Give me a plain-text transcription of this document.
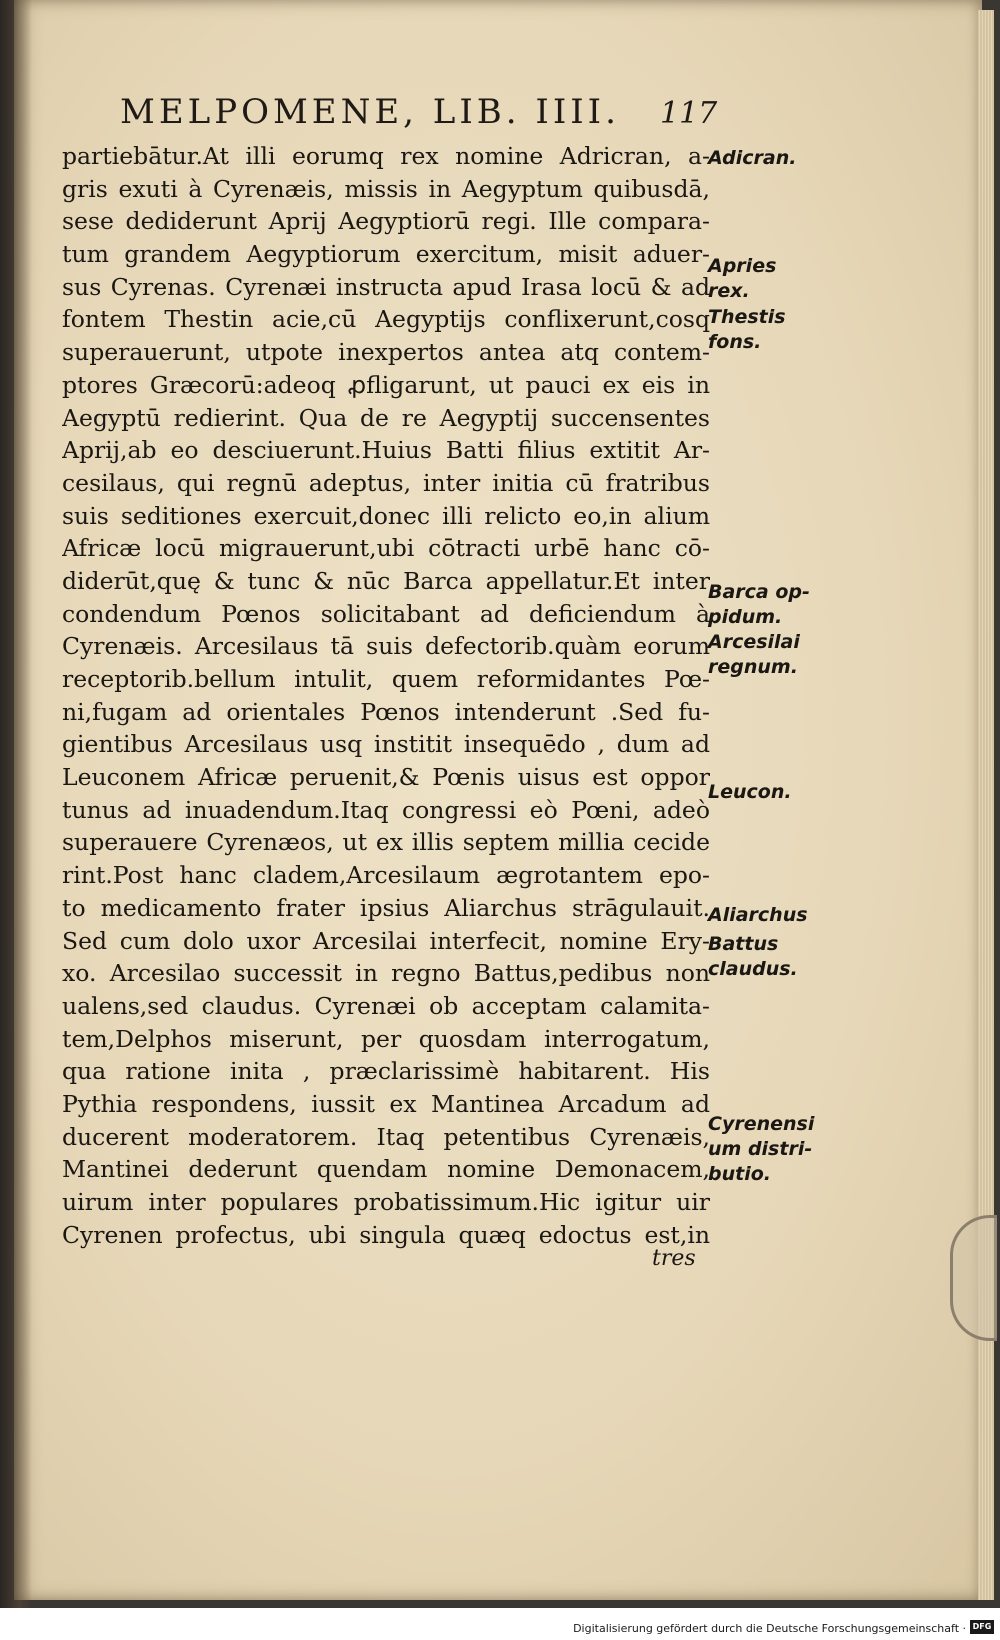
MELPOMENE, LIB. IIII.	117
partiebātur.At illi eorumq rex nomine Adricran, a-
gris exuti à Cyrenæis, missis in Aegyptum quibusdā,
sese dediderunt Aprij Aegyptiorū regi. Ille compara-
tum grandem Aegyptiorum exercitum, misit aduer-
sus Cyrenas. Cyrenæi instructa apud Irasa locū & ad
fontem Thestin acie,cū Aegyptijs conflixerunt,cosq
superauerunt, utpote inexpertos antea atq contem-
ptores Græcorū:adeoq ꝓfligarunt, ut pauci ex eis in
Aegyptū redierint. Qua de re Aegyptij succensentes
Aprij,ab eo desciuerunt.Huius Batti filius extitit Ar-
cesilaus, qui regnū adeptus, inter initia cū fratribus
suis seditiones exercuit,donec illi relicto eo,in alium
Africæ locū migrauerunt,ubi cōtracti urbē hanc cō-
diderūt,quę & tunc & nūc Barca appellatur.Et inter
condendum Pœnos solicitabant ad deficiendum à
Cyrenæis. Arcesilaus tā suis defectorib.quàm eorum
receptorib.bellum intulit, quem reformidantes Pœ-
ni,fugam ad orientales Pœnos intenderunt .Sed fu-
gientibus Arcesilaus usq institit insequēdo , dum ad
Leuconem Africæ peruenit,& Pœnis uisus est oppor
tunus ad inuadendum.Itaq congressi eò Pœni, adeò
superauere Cyrenæos, ut ex illis septem millia cecide
rint.Post hanc cladem,Arcesilaum ægrotantem epo-
to medicamento frater ipsius Aliarchus strāgulauit.
Sed cum dolo uxor Arcesilai interfecit, nomine Ery-
xo. Arcesilao successit in regno Battus,pedibus non
ualens,sed claudus. Cyrenæi ob acceptam calamita-
tem,Delphos miserunt, per quosdam interrogatum,
qua ratione inita , præclarissimè habitarent. His
Pythia respondens, iussit ex Mantinea Arcadum ad
ducerent moderatorem. Itaq petentibus Cyrenæis,
Mantinei dederunt quendam nomine Demonacem,
uirum inter populares probatissimum.Hic igitur uir
Cyrenen profectus, ubi singula quæq edoctus est,in
tres
Adicran.
Apries
rex.
Thestis
fons.
Barca op-
pidum.
Arcesilai
regnum.
Leucon.
Aliarchus
Battus
claudus.
Cyrenensi
um distri-
butio.
Digitalisierung gefördert durch die Deutsche Forschungsgemeinschaft · DFG
